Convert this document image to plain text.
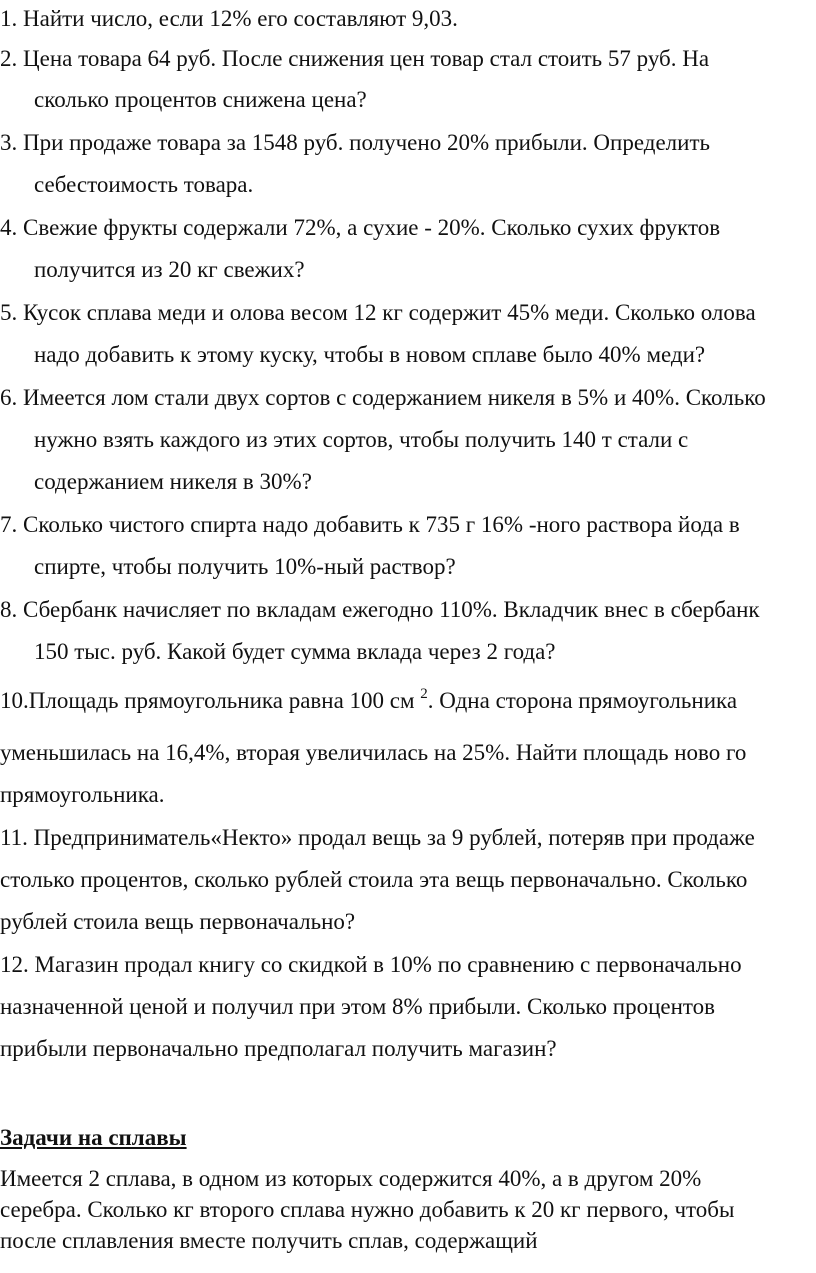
1. Найти число, если 12% его составляют 9,03.
2. Цена товара 64 руб. После снижения цен товар стал стоить 57 руб. На
сколько процентов снижена цена?
3. При продаже товара за 1548 руб. получено 20% прибыли. Определить
себестоимость товара.
4. Свежие фрукты содержали 72%, а сухие - 20%. Сколько сухих фруктов
получится из 20 кг свежих?
5. Кусок сплава меди и олова весом 12 кг содержит 45% меди. Сколько олова
надо добавить к этому куску, чтобы в новом сплаве было 40% меди?
6. Имеется лом стали двух сортов с содержанием никеля в 5% и 40%. Сколько
нужно взять каждого из этих сортов, чтобы получить 140 т стали с
содержанием никеля в 30%?
7. Сколько чистого спирта надо добавить к 735 г 16% -ного раствора йода в
спирте, чтобы получить 10%-ный раствор?
8. Сбербанк начисляет по вкладам ежегодно 110%. Вкладчик внес в сбербанк
150 тыс. руб. Какой будет сумма вклада через 2 года?
10.Площадь прямоугольника равна 100 см $^2$. Одна сторона прямоугольника
уменьшилась на 16,4%, вторая увеличилась на 25%. Найти площадь ново го
прямоугольника.
11. Предприниматель«Некто» продал вещь за 9 рублей, потеряв при продаже
столько процентов, сколько рублей стоила эта вещь первоначально. Сколько
рублей стоила вещь первоначально?
12. Магазин продал книгу со скидкой в 10% по сравнению с первоначально
назначенной ценой и получил при этом 8% прибыли. Сколько процентов
прибыли первоначально предполагал получить магазин?
Задачи на сплавы
Имеется 2 сплава, в одном из которых содержится 40%, а в другом 20%
серебра. Сколько кг второго сплава нужно добавить к 20 кг первого, чтобы
после сплавления вместе получить сплав, содержащий
